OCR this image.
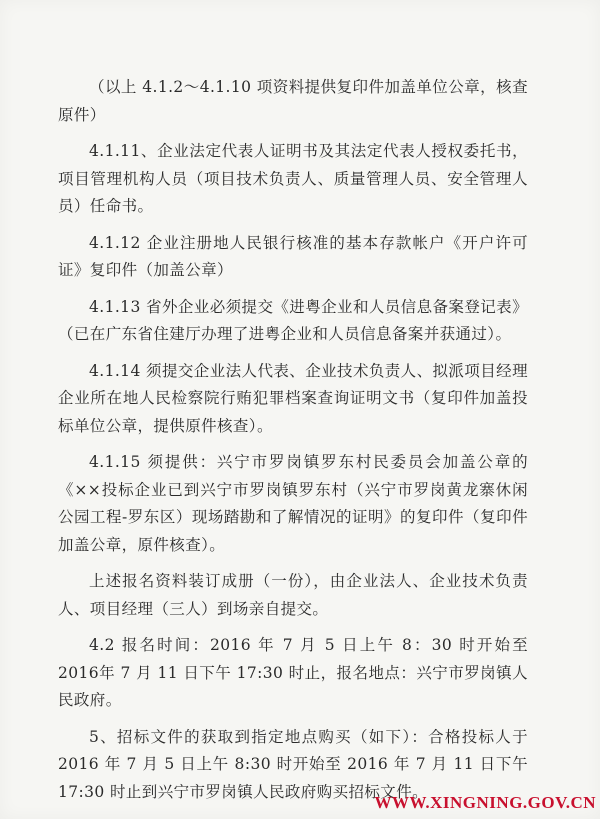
（以上 4.1.2～4.1.10 项资料提供复印件加盖单位公章，核查原件）

4.1.11、企业法定代表人证明书及其法定代表人授权委托书，项目管理机构人员（项目技术负责人、质量管理人员、安全管理人员）任命书。

4.1.12 企业注册地人民银行核准的基本存款帐户《开户许可证》复印件（加盖公章）

4.1.13 省外企业必须提交《进粤企业和人员信息备案登记表》（已在广东省住建厅办理了进粤企业和人员信息备案并获通过）。

4.1.14 须提交企业法人代表、企业技术负责人、拟派项目经理企业所在地人民检察院行贿犯罪档案查询证明文书（复印件加盖投标单位公章，提供原件核查）。

4.1.15 须提供：兴宁市罗岗镇罗东村民委员会加盖公章的《××投标企业已到兴宁市罗岗镇罗东村（兴宁市罗岗黄龙寨休闲公园工程-罗东区）现场踏勘和了解情况的证明》的复印件（复印件加盖公章，原件核查）。

上述报名资料装订成册（一份），由企业法人、企业技术负责人、项目经理（三人）到场亲自提交。

4.2 报名时间：2016 年 7 月 5 日上午 8：30 时开始至 2016年 7 月 11 日下午 17:30 时止，报名地点：兴宁市罗岗镇人民政府。

5、招标文件的获取到指定地点购买（如下）：合格投标人于2016 年 7 月 5 日上午 8:30 时开始至 2016 年 7 月 11 日下午 17:30 时止到兴宁市罗岗镇人民政府购买招标文件。

WWW.XINGNING.GOV.CN
